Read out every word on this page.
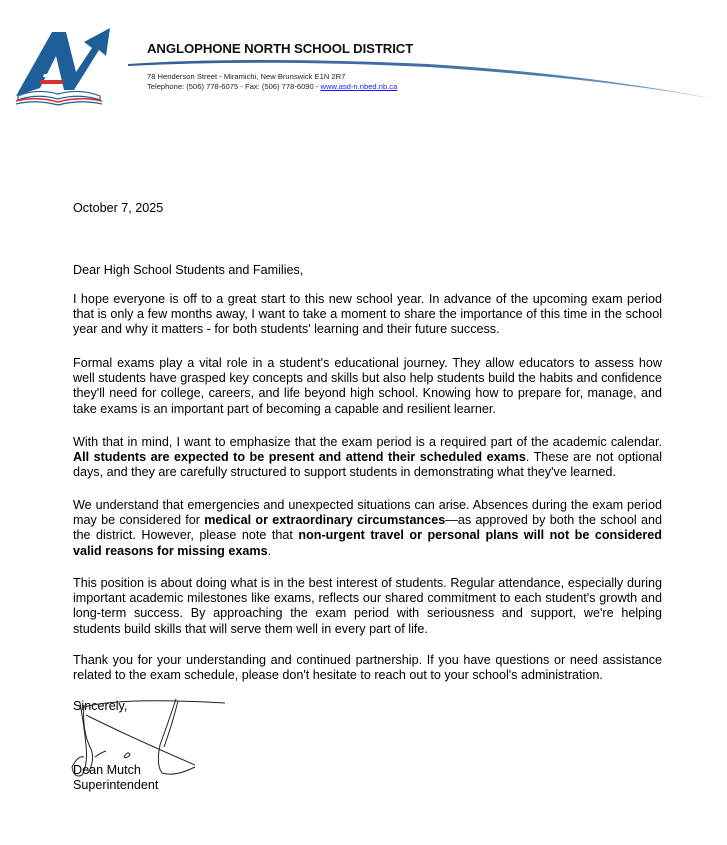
ANGLOPHONE NORTH SCHOOL DISTRICT
78 Henderson Street - Miramichi, New Brunswick E1N 2R7
Telephone: (506) 778-6075 - Fax: (506) 778-6090 - www.asd-n.nbed.nb.ca

October 7, 2025

Dear High School Students and Families,

I hope everyone is off to a great start to this new school year. In advance of the upcoming exam period that is only a few months away, I want to take a moment to share the importance of this time in the school year and why it matters - for both students' learning and their future success.

Formal exams play a vital role in a student's educational journey. They allow educators to assess how well students have grasped key concepts and skills but also help students build the habits and confidence they'll need for college, careers, and life beyond high school. Knowing how to prepare for, manage, and take exams is an important part of becoming a capable and resilient learner.

With that in mind, I want to emphasize that the exam period is a required part of the academic calendar. All students are expected to be present and attend their scheduled exams. These are not optional days, and they are carefully structured to support students in demonstrating what they've learned.

We understand that emergencies and unexpected situations can arise. Absences during the exam period may be considered for medical or extraordinary circumstances—as approved by both the school and the district. However, please note that non-urgent travel or personal plans will not be considered valid reasons for missing exams.

This position is about doing what is in the best interest of students. Regular attendance, especially during important academic milestones like exams, reflects our shared commitment to each student's growth and long-term success. By approaching the exam period with seriousness and support, we're helping students build skills that will serve them well in every part of life.

Thank you for your understanding and continued partnership. If you have questions or need assistance related to the exam schedule, please don't hesitate to reach out to your school's administration.

Sincerely,

Dean Mutch

Superintendent
